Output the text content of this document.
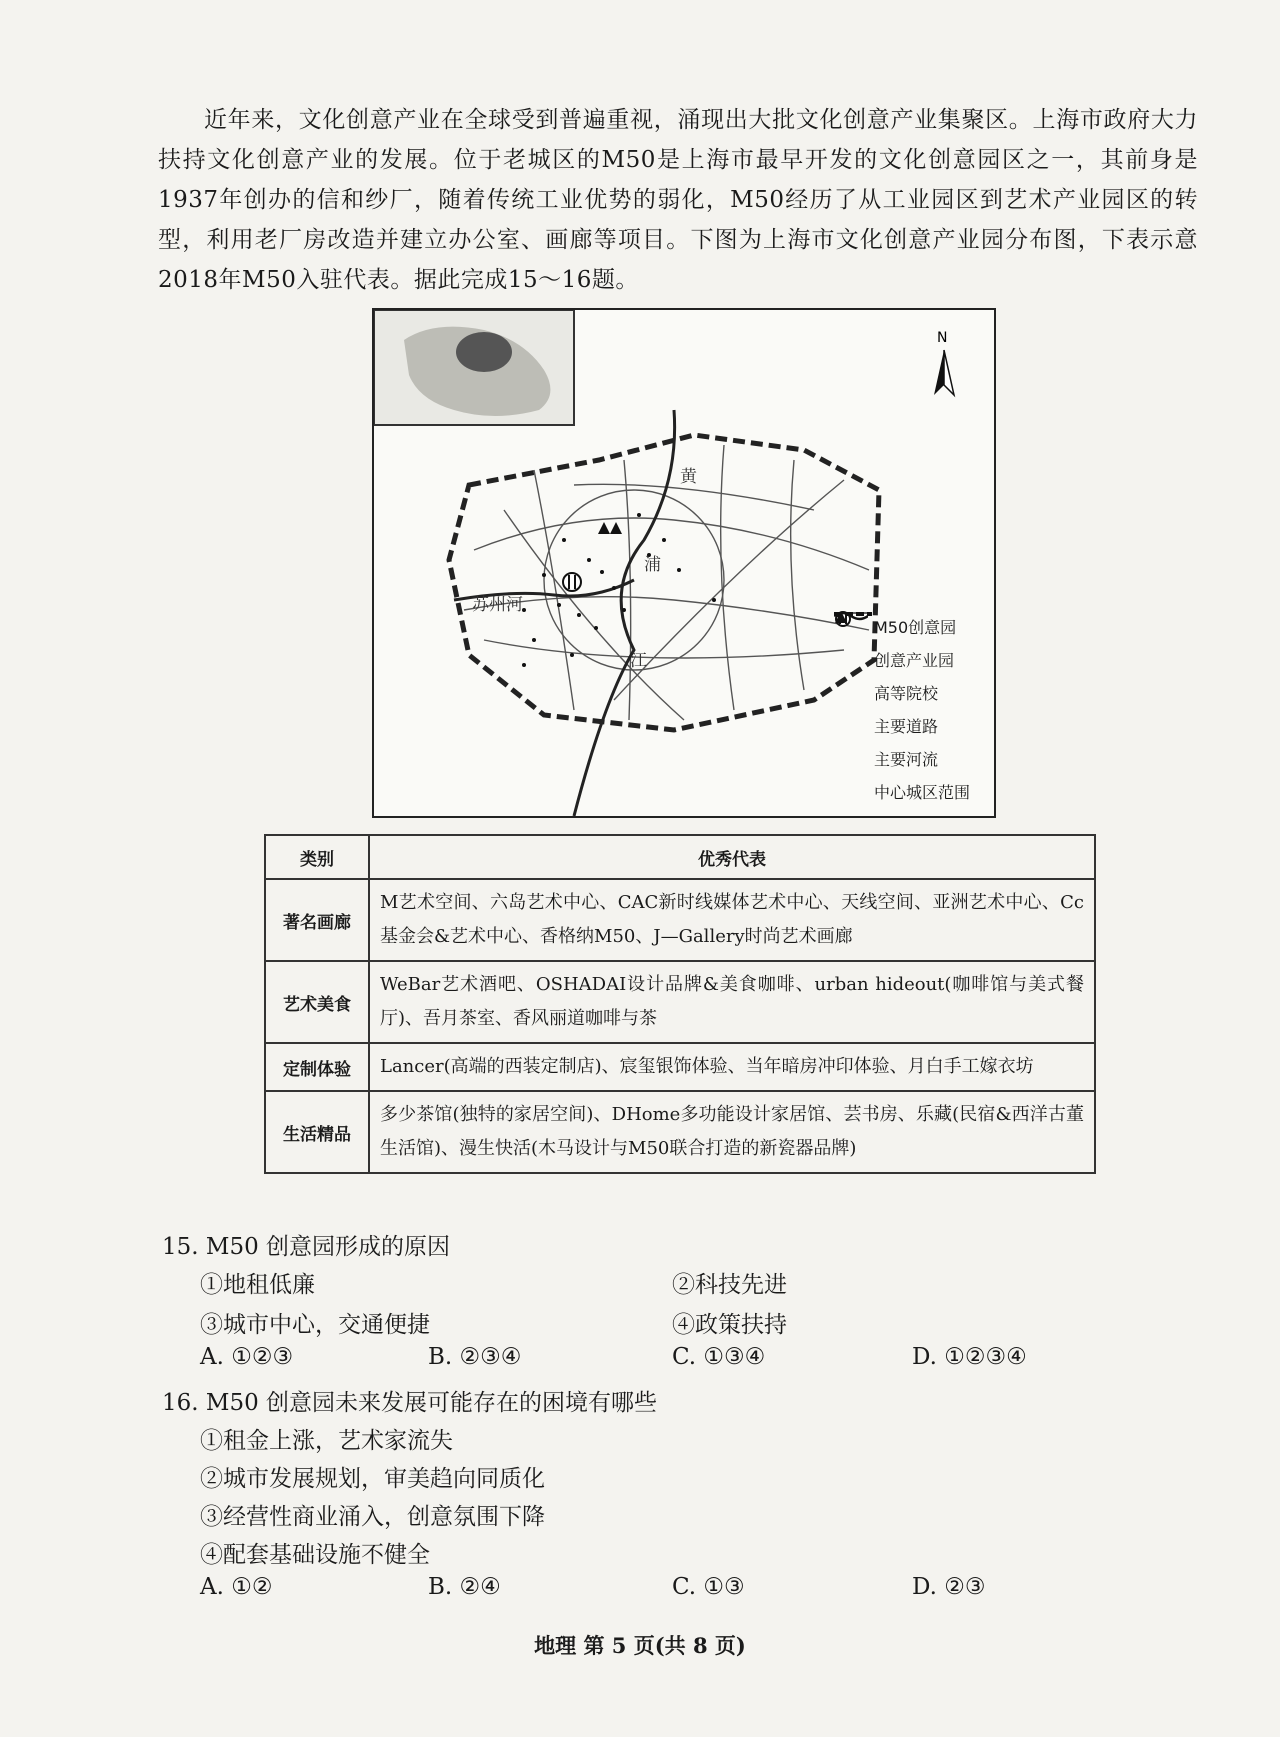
近年来，文化创意产业在全球受到普遍重视，涌现出大批文化创意产业集聚区。上海市政府大力扶持文化创意产业的发展。位于老城区的M50是上海市最早开发的文化创意园区之一，其前身是1937年创办的信和纱厂，随着传统工业优势的弱化，M50经历了从工业园区到艺术产业园区的转型，利用老厂房改造并建立办公室、画廊等项目。下图为上海市文化创意产业园分布图，下表示意2018年M50入驻代表。据此完成15～16题。

N
黄
浦
江
苏州河
M50创意园
创意产业园
高等院校
主要道路
主要河流
中心城区范围
类别	优秀代表
著名画廊	M艺术空间、六岛艺术中心、CAC新时线媒体艺术中心、天线空间、亚洲艺术中心、Cc基金会&艺术中心、香格纳M50、J—Gallery时尚艺术画廊
艺术美食	WeBar艺术酒吧、OSHADAI设计品牌&美食咖啡、urban hideout(咖啡馆与美式餐厅)、吾月茶室、香风丽道咖啡与茶
定制体验	Lancer(高端的西装定制店)、宸玺银饰体验、当年暗房冲印体验、月白手工嫁衣坊
生活精品	多少茶馆(独特的家居空间)、DHome多功能设计家居馆、芸书房、乐藏(民宿&西洋古董生活馆)、漫生快活(木马设计与M50联合打造的新瓷器品牌)
15. M50 创意园形成的原因
①地租低廉	②科技先进
③城市中心，交通便捷	④政策扶持
A. ①②③	B. ②③④	C. ①③④	D. ①②③④
16. M50 创意园未来发展可能存在的困境有哪些
①租金上涨，艺术家流失
②城市发展规划，审美趋向同质化
③经营性商业涌入，创意氛围下降
④配套基础设施不健全
A. ①②	B. ②④	C. ①③	D. ②③
地理 第 5 页(共 8 页)
